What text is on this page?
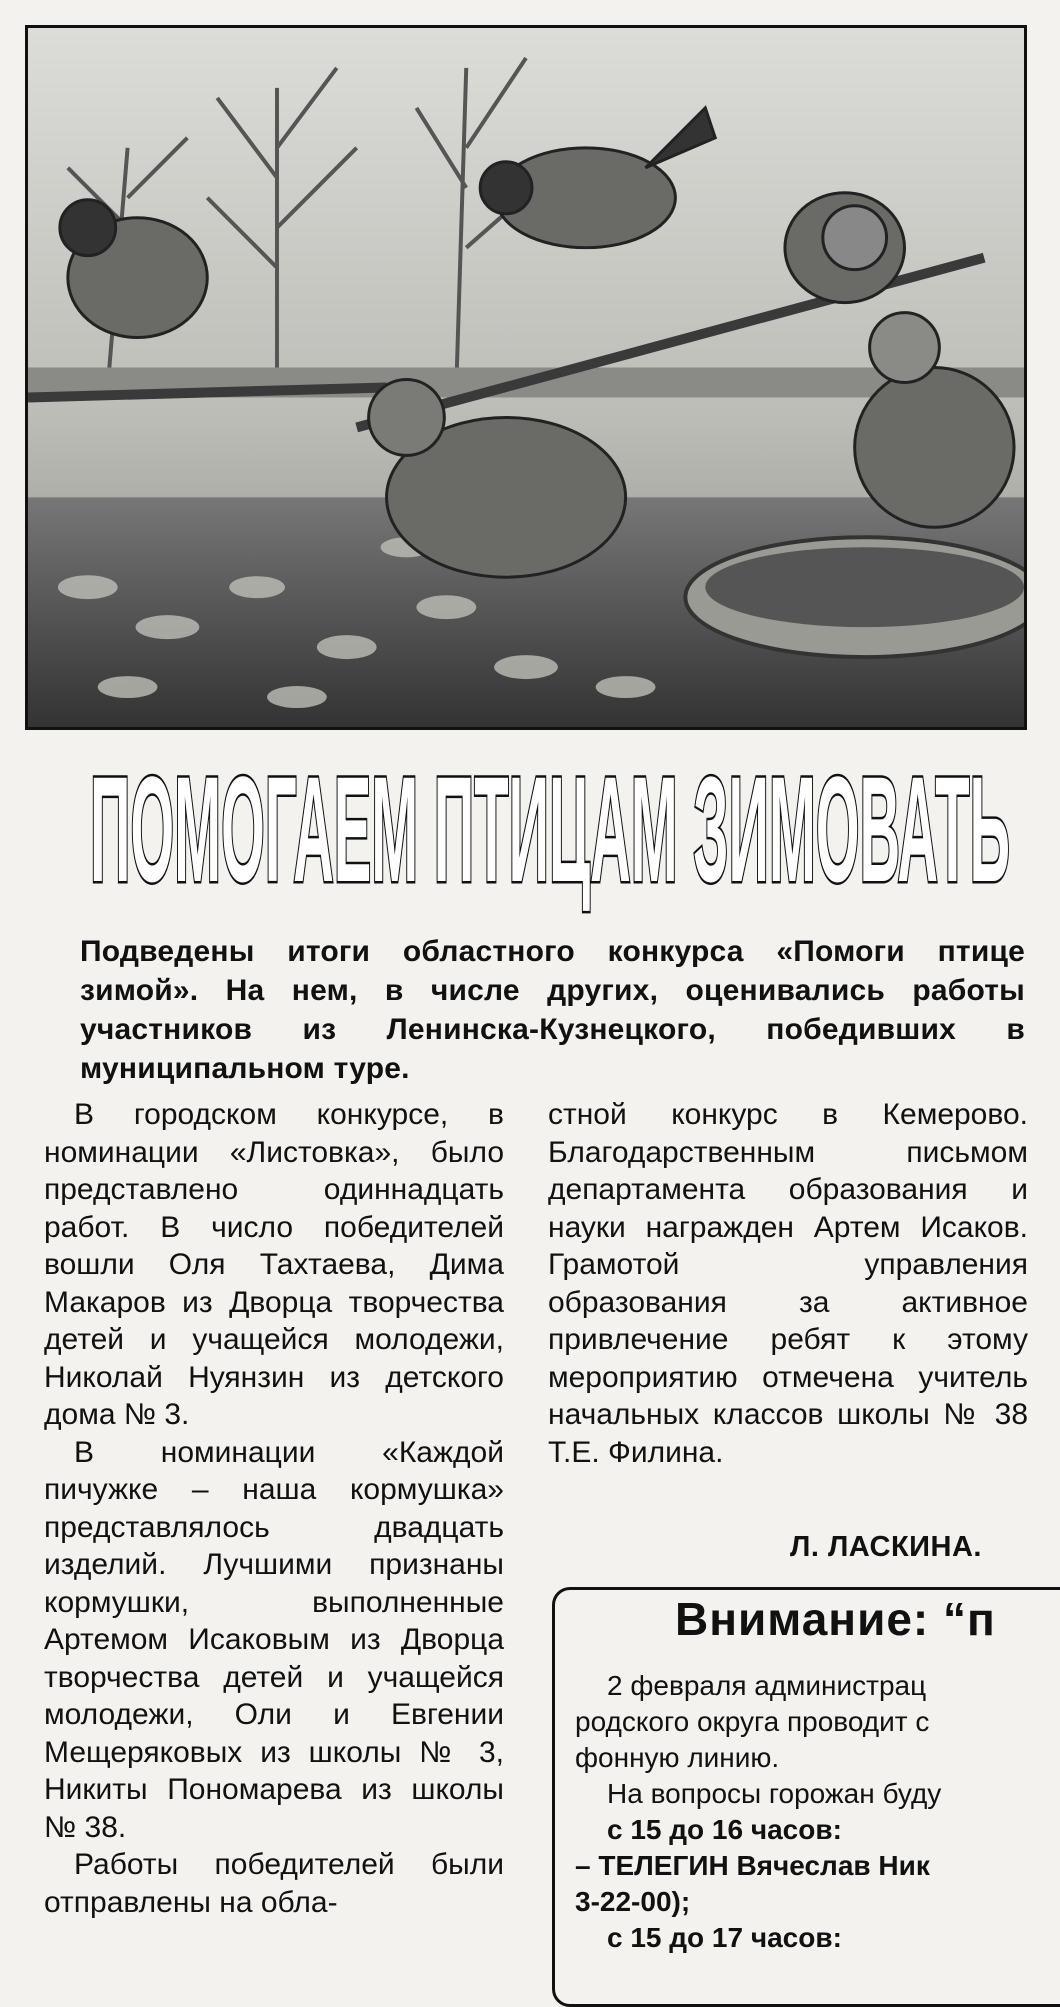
ПОМОГАЕМ ПТИЦАМ ЗИМОВАТЬ
Подведены итоги областного конкурса «Помоги птице зимой». На нем, в числе других, оценивались работы участников из Ленинска-Кузнецкого, победивших в муниципальном туре.

В городском конкурсе, в номинации «Листовка», было представлено одиннадцать работ. В число победителей вошли Оля Тахтаева, Дима Макаров из Дворца творчества детей и учащейся молодежи, Николай Нуянзин из детского дома № 3.

В номинации «Каждой пичужке – наша кормушка» представлялось двадцать изделий. Лучшими признаны кормушки, выполненные Артемом Исаковым из Дворца творчества детей и учащейся молодежи, Оли и Евгении Мещеряковых из школы № 3, Никиты Пономарева из школы № 38.

Работы победителей были отправлены на обла-

стной конкурс в Кемерово. Благодарственным письмом департамента образования и науки награжден Артем Исаков. Грамотой управления образования за активное привлечение ребят к этому мероприятию отмечена учитель начальных классов школы № 38 Т.Е. Филина.

Л. ЛАСКИНА.
Внимание: “п
2 февраля администрац
родского округа проводит с
фонную линию.
На вопросы горожан буду
с 15 до 16 часов:
– ТЕЛЕГИН Вячеслав Ник
3-22-00);
с 15 до 17 часов:
